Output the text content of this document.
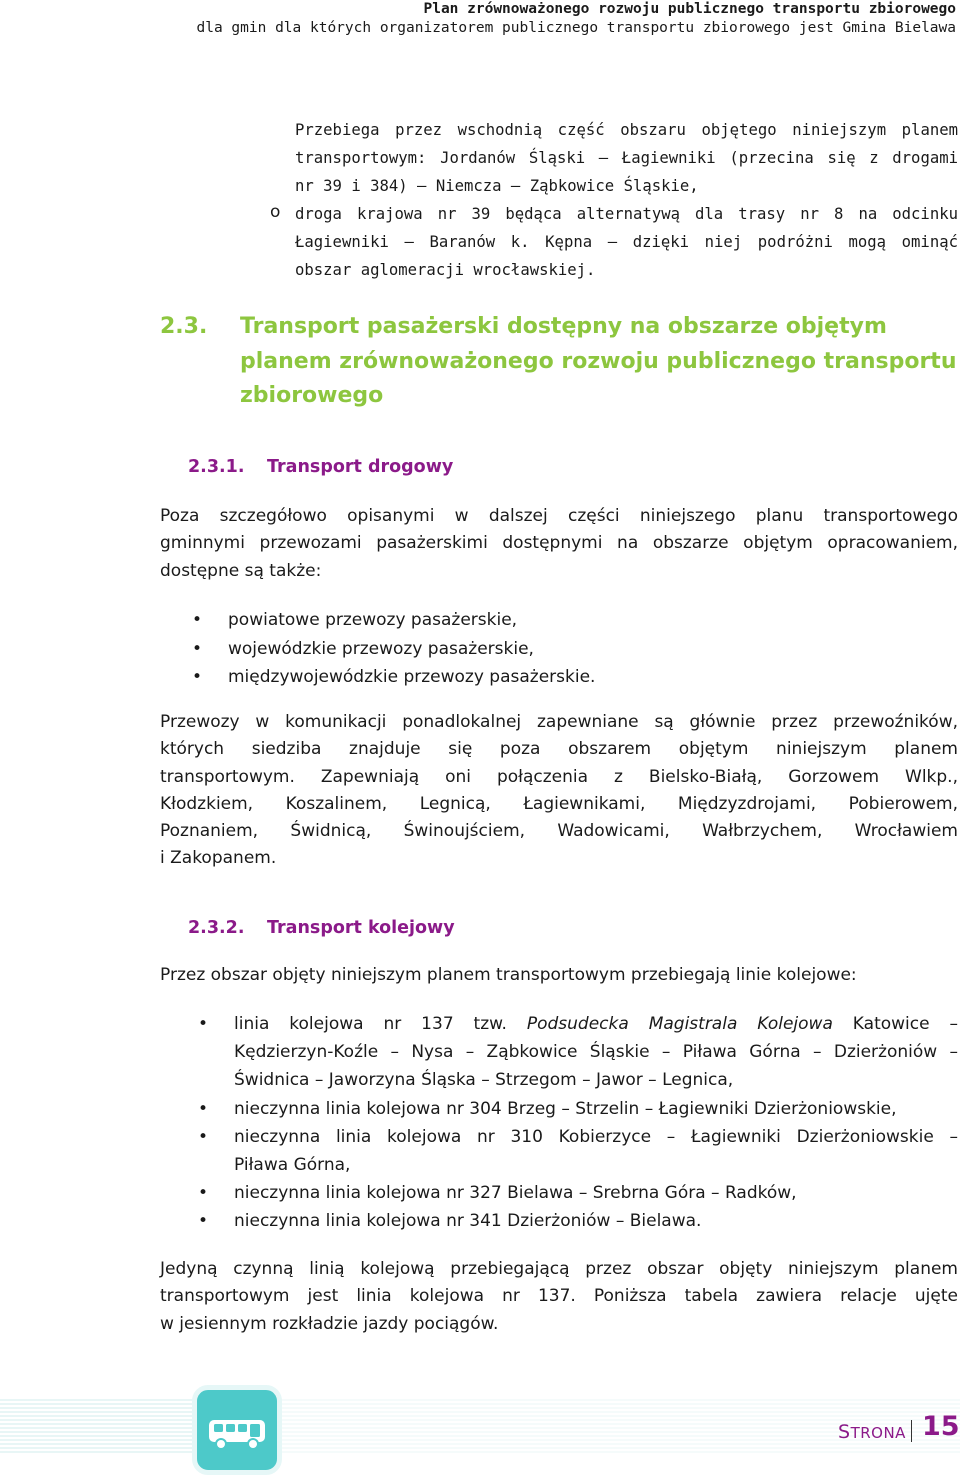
Plan zrównoważonego rozwoju publicznego transportu zbiorowego
dla gmin dla których organizatorem publicznego transportu zbiorowego jest Gmina Bielawa
Przebiega przez wschodnią część obszaru objętego niniejszym planem
transportowym: Jordanów Śląski – Łagiewniki (przecina się z drogami
nr 39 i 384) – Niemcza – Ząbkowice Śląskie,
droga krajowa nr 39 będąca alternatywą dla trasy nr 8 na odcinku
Łagiewniki – Baranów k. Kępna – dzięki niej podróżni mogą ominąć
obszar aglomeracji wrocławskiej.
o
2.3. Transport pasażerski dostępny na obszarze objętym planem zrównoważonego rozwoju publicznego transportu zbiorowego
2.3.1. Transport drogowy
Poza szczegółowo opisanymi w dalszej części niniejszego planu transportowego
gminnymi przewozami pasażerskimi dostępnymi na obszarze objętym opracowaniem,
dostępne są także:
• powiatowe przewozy pasażerskie,
• wojewódzkie przewozy pasażerskie,
• międzywojewódzkie przewozy pasażerskie.
Przewozy w komunikacji ponadlokalnej zapewniane są głównie przez przewoźników,
których siedziba znajduje się poza obszarem objętym niniejszym planem
transportowym. Zapewniają oni połączenia z Bielsko-Białą, Gorzowem Wlkp.,
Kłodzkiem, Koszalinem, Legnicą, Łagiewnikami, Międzyzdrojami, Pobierowem,
Poznaniem, Świdnicą, Świnoujściem, Wadowicami, Wałbrzychem, Wrocławiem
i Zakopanem.
2.3.2. Transport kolejowy
Przez obszar objęty niniejszym planem transportowym przebiegają linie kolejowe:
• linia kolejowa nr 137 tzw. Podsudecka Magistrala Kolejowa Katowice –
Kędzierzyn-Koźle – Nysa – Ząbkowice Śląskie – Piława Górna – Dzierżoniów –
Świdnica – Jaworzyna Śląska – Strzegom – Jawor – Legnica,
• nieczynna linia kolejowa nr 304 Brzeg – Strzelin – Łagiewniki Dzierżoniowskie,
• nieczynna linia kolejowa nr 310 Kobierzyce – Łagiewniki Dzierżoniowskie –
Piława Górna,
• nieczynna linia kolejowa nr 327 Bielawa – Srebrna Góra – Radków,
• nieczynna linia kolejowa nr 341 Dzierżoniów – Bielawa.
Jedyną czynną linią kolejową przebiegającą przez obszar objęty niniejszym planem
transportowym jest linia kolejowa nr 137. Poniższa tabela zawiera relacje ujęte
w jesiennym rozkładzie jazdy pociągów.
STRONA 15
